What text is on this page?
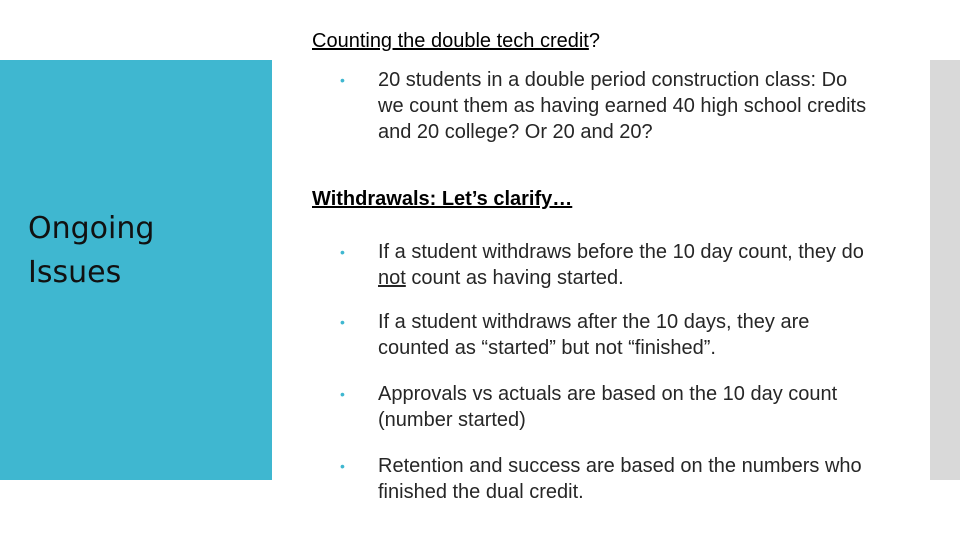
Ongoing
Issues
Counting the double tech credit?
•	20 students in a double period construction class: Do we count them as having earned 40 high school credits and 20 college? Or 20 and 20?
Withdrawals: Let’s clarify…
•	If a student withdraws before the 10 day count, they do not count as having started.
•	If a student withdraws after the 10 days, they are counted as “started” but not “finished”.
•	Approvals vs actuals are based on the 10 day count (number started)
•	Retention and success are based on the numbers who finished the dual credit.
